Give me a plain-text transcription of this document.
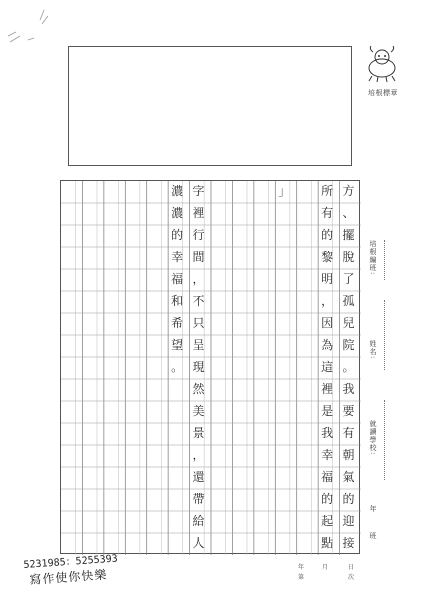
培根標章
方
、
擺
脫
了
孤
兒
院
。
我
要
有
朝
氣
的
迎
接
所
有
的
黎
明
，
因
為
這
裡
是
我
幸
福
的
起
點
」
字
裡
行
間
，
不
只
呈
現
然
美
景
，
還
帶
給
人
濃
濃
的
幸
福
和
希
望
。
培根編班:
姓名:
就讀學校:
年
班
5231985：5255393
寫作使你快樂
年
第
月	日
次
